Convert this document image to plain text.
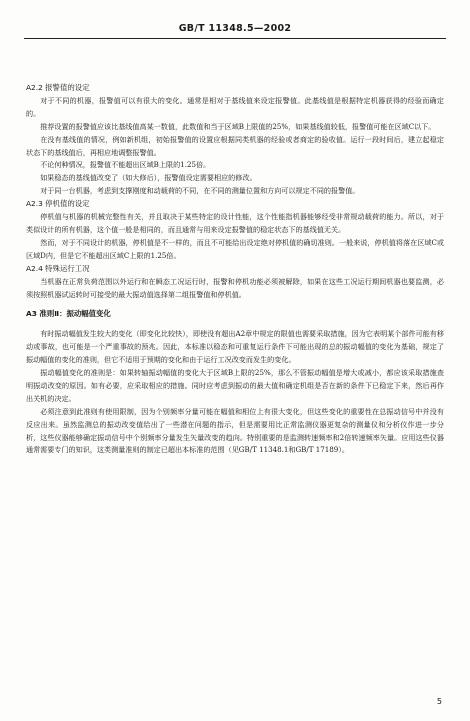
GB/T 11348.5—2002
A2.2 报警值的设定

对于不同的机器，报警值可以有很大的变化。通常是相对于基线值来设定报警值。此基线值是根据特定机器获得的经验而确定的。

推荐设置的报警值应该比基线值高某一数值，此数值和当于区域B上限值的25%，如果基线值较低，报警值可能在区域C以下。

在没有基线值的情况，例如新机组，初始报警值的设置应根据同类机器的经验或者商定的验收值。运行一段时间后，建立起稳定状态下的基线值后，再相应地调整报警值。

不论何种情况，报警值不能超出区域B上限的1.25倍。

如果稳态的基线值改变了（如大修后），报警值设定需要相应的修改。

对于同一台机器，考虑到支撑刚度和动载荷的不同，在不同的测量位置和方向可以规定不同的报警值。

A2.3 停机值的设定

停机值与机器的机械完整性有关，并且取决于某些特定的设计性能，这个性能指机器能够经受非常规动载荷的能力。所以，对于类似设计的所有机器，这个值一般是相同的，而且通常与用来设定报警值的稳定状态下的基线值无关。

然而，对于不同设计的机器，停机值是不一样的，而且不可能给出设定绝对停机值的确切准则。一般来说，停机值将落在区域C或区域D内，但是它不能超出区域C上限的1.25倍。

A2.4 特殊运行工况

当机器在正常负荷范围以外运行和在瞬态工况运行时，报警和停机功能必须被解除，如果在这些工况运行期间机器也要监测，必须按照机器试运转时可接受的最大振动值选择第二组报警值和停机值。

A3 准则Ⅱ：振动幅值变化

有时振动幅值发生较大的变化（即变化比较快），即使没有超出A2章中规定的限值也需要采取措施，因为它表明某个部件可能有移动或事故，也可能是一个严重事故的预兆。因此，本标准以稳态和可重复运行条件下可能出现的总的振动幅值的变化为基础，规定了振动幅值的变化的准则，但它不适用于预期的变化和由于运行工况改变而发生的变化。

振动幅值变化的准则是：如果转轴振动幅值的变化大于区域B上限的25%，那么不管振动幅值是增大或减小，都应该采取措施查明振动改变的原因。如有必要，应采取相应的措施。同时应考虑到振动的最大值和确定机组是否在新的条件下已稳定下来，然后再作出关机的决定。

必须注意到此准则有使用限制，因为个别频率分量可能在幅值和相位上有很大变化，但这些变化的重要性在总振动信号中并没有反应出来。虽然监测总的振动改变值给出了一些潜在问题的指示，但是需要用比正常监测仪器更复杂的测量仪和分析仪作进一步分析，这些仪器能够确定振动信号中个别频率分量发生矢量改变的趋向。特别重要的是监测转速频率和2倍转速频率矢量。应用这些仪器通常需要专门的知识，这类测量准则的制定已超出本标准的范围（见GB/T 11348.1和GB/T 17189）。

5
